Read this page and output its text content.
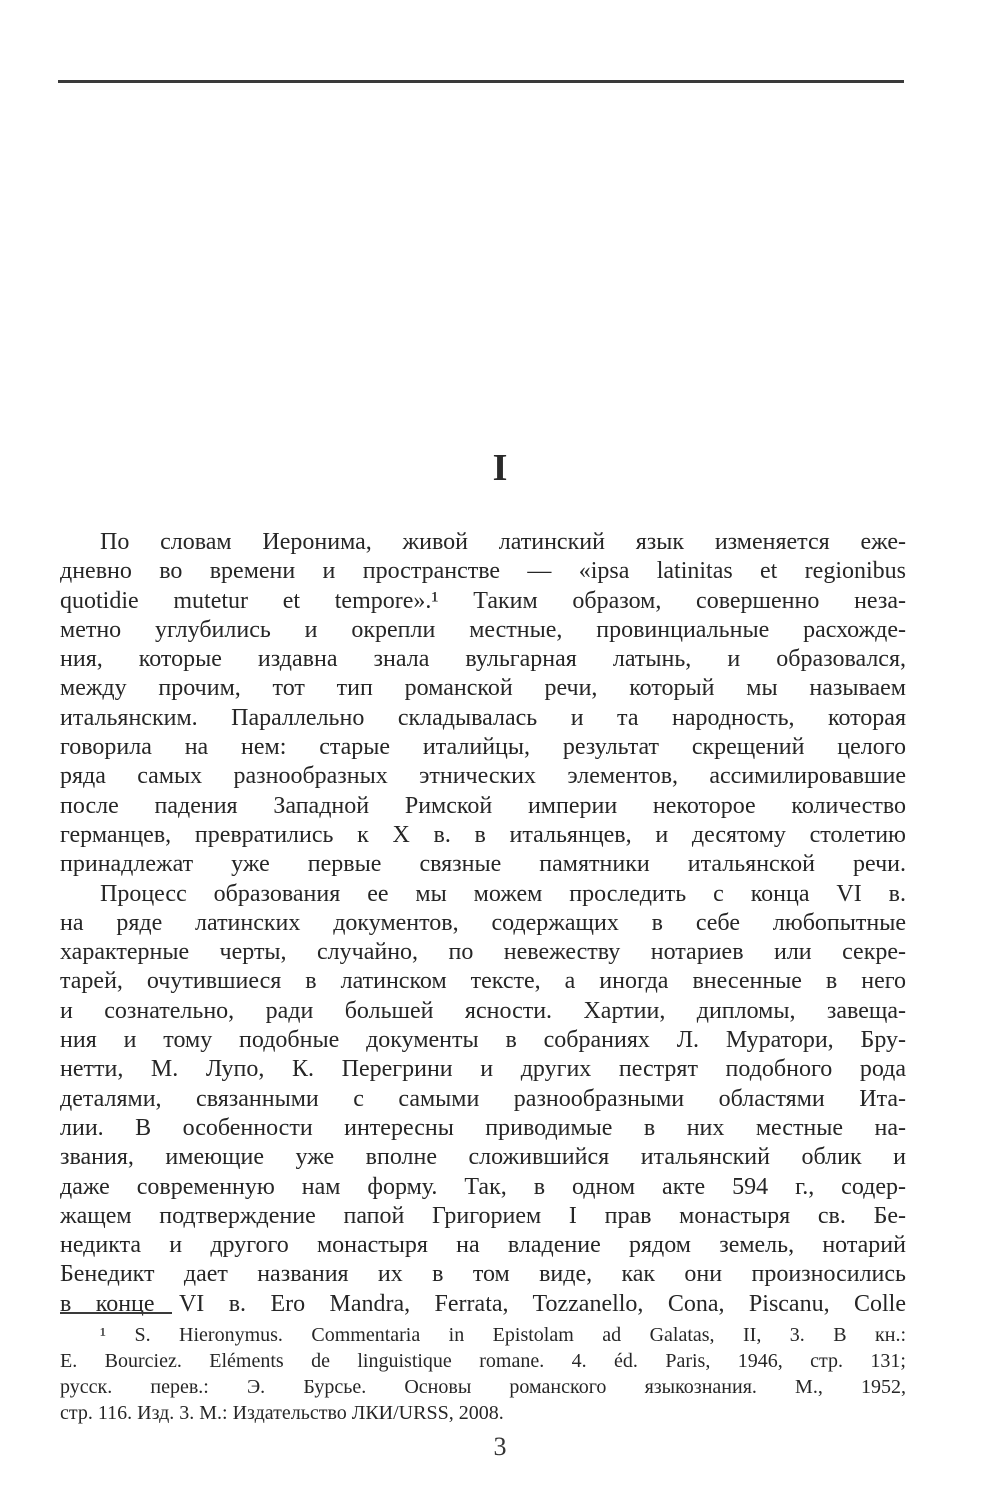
I
По словам Иеронима, живой латинский язык изменяется еже-
дневно во времени и пространстве — «ipsa latinitas et regionibus
quotidie mutetur et tempore».¹ Таким образом, совершенно неза-
метно углубились и окрепли местные, провинциальные расхожде-
ния, которые издавна знала вульгарная латынь, и образовался,
между прочим, тот тип романской речи, который мы называем
итальянским. Параллельно складывалась и та народность, которая
говорила на нем: старые италийцы, результат скрещений целого
ряда самых разнообразных этнических элементов, ассимилировавшие
после падения Западной Римской империи некоторое количество
германцев, превратились к X в. в итальянцев, и десятому столетию
принадлежат уже первые связные памятники итальянской речи.
Процесс образования ее мы можем проследить с конца VI в.
на ряде латинских документов, содержащих в себе любопытные
характерные черты, случайно, по невежеству нотариев или секре-
тарей, очутившиеся в латинском тексте, а иногда внесенные в него
и сознательно, ради большей ясности. Хартии, дипломы, завеща-
ния и тому подобные документы в собраниях Л. Муратори, Бру-
нетти, М. Лупо, К. Перегрини и других пестрят подобного рода
деталями, связанными с самыми разнообразными областями Ита-
лии. В особенности интересны приводимые в них местные на-
звания, имеющие уже вполне сложившийся итальянский облик и
даже современную нам форму. Так, в одном акте 594 г., содер-
жащем подтверждение папой Григорием I прав монастыря св. Бе-
недикта и другого монастыря на владение рядом земель, нотарий
Бенедикт дает названия их в том виде, как они произносились
в конце VI в. Ero Mandra, Ferrata, Tozzanello, Cona, Piscanu, Colle
¹ S. Hieronymus. Commentaria in Epistolam ad Galatas, II, 3. В кн.:
E. Bourciez. Eléments de linguistique romane. 4. éd. Paris, 1946, стр. 131;
русск. перев.: Э. Бурсье. Основы романского языкознания. М., 1952,
стр. 116. Изд. 3. М.: Издательство ЛКИ/URSS, 2008.
3
